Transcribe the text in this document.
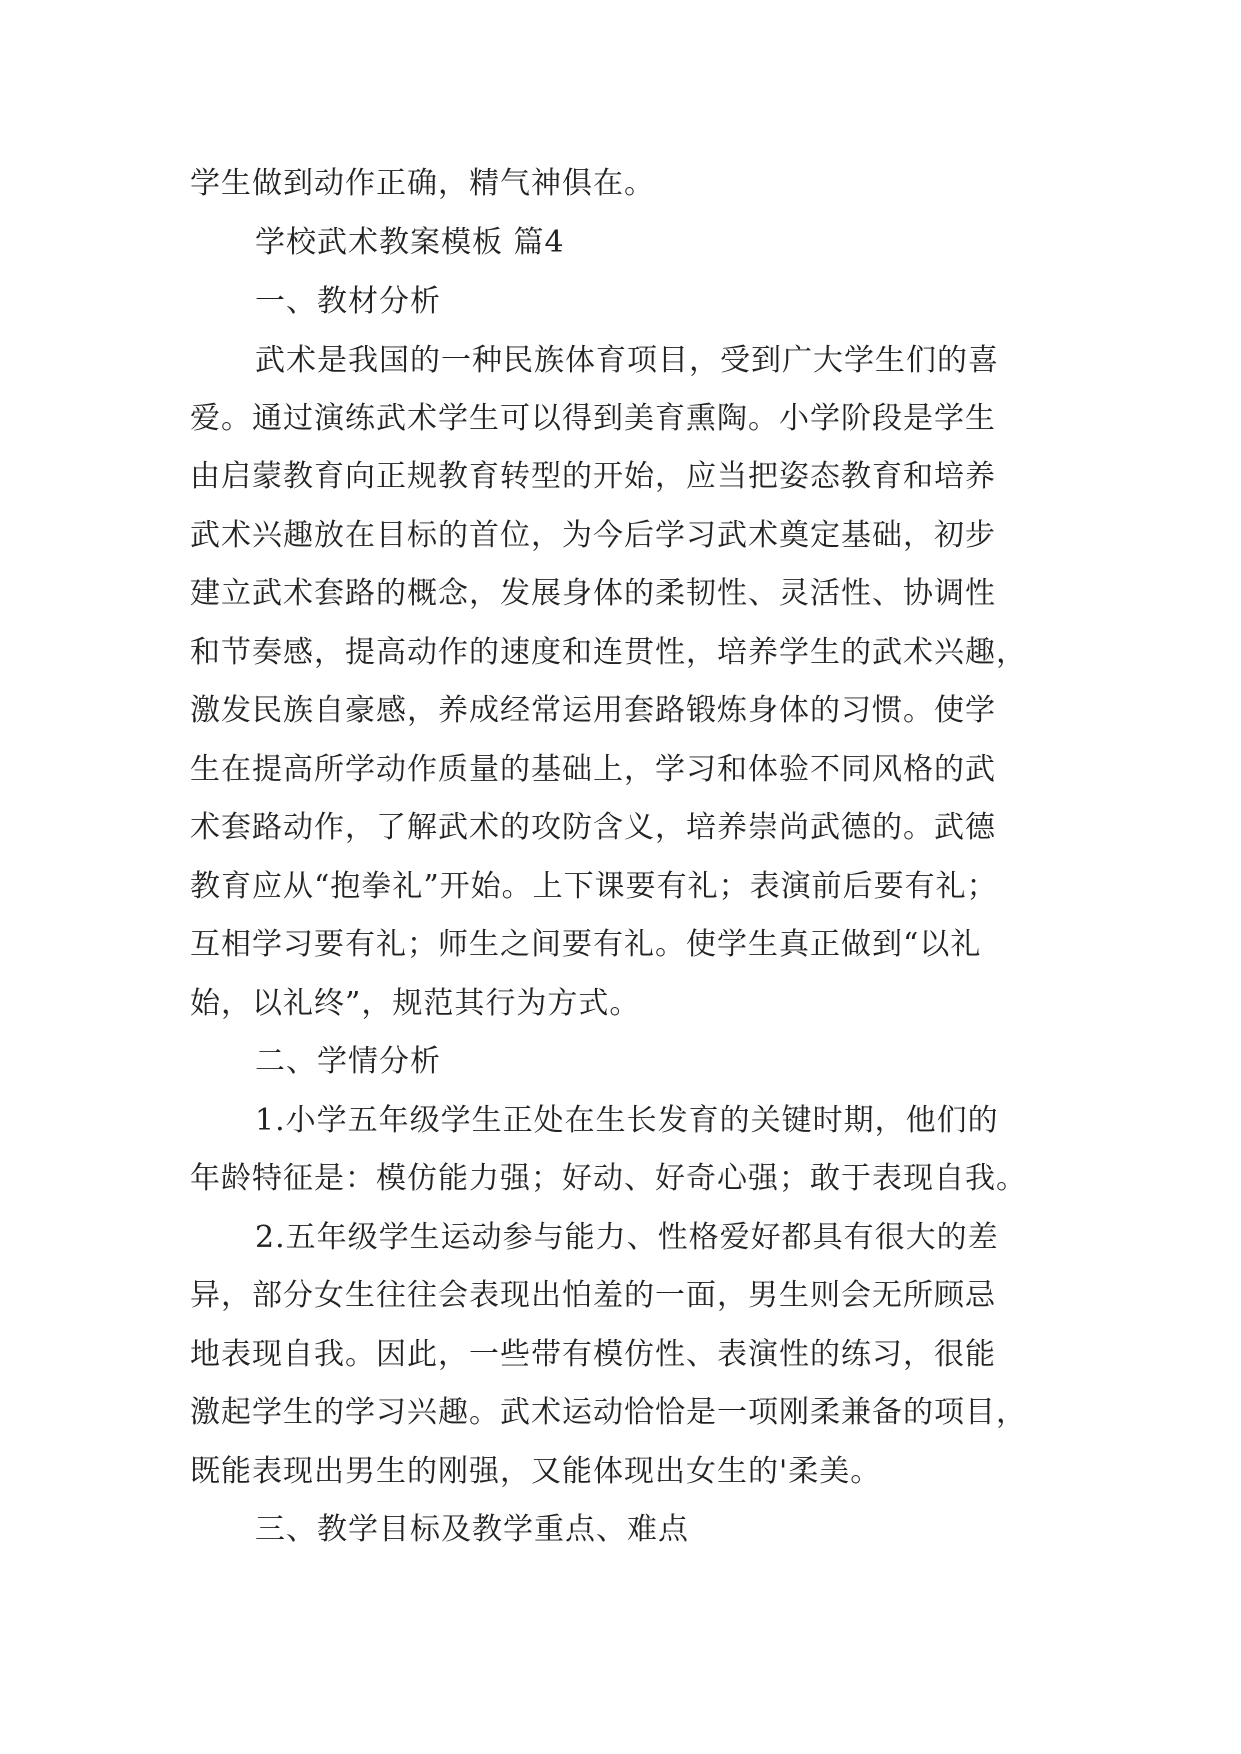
学生做到动作正确，精气神俱在。
学校武术教案模板 篇4
一、教材分析
武术是我国的一种民族体育项目，受到广大学生们的喜
爱。通过演练武术学生可以得到美育熏陶。小学阶段是学生
由启蒙教育向正规教育转型的开始，应当把姿态教育和培养
武术兴趣放在目标的首位，为今后学习武术奠定基础，初步
建立武术套路的概念，发展身体的柔韧性、灵活性、协调性
和节奏感，提高动作的速度和连贯性，培养学生的武术兴趣，
激发民族自豪感，养成经常运用套路锻炼身体的习惯。使学
生在提高所学动作质量的基础上，学习和体验不同风格的武
术套路动作，了解武术的攻防含义，培养崇尚武德的。武德
教育应从“抱拳礼”开始。上下课要有礼；表演前后要有礼；
互相学习要有礼；师生之间要有礼。使学生真正做到“以礼
始，以礼终”，规范其行为方式。
二、学情分析
1.小学五年级学生正处在生长发育的关键时期，他们的
年龄特征是：模仿能力强；好动、好奇心强；敢于表现自我。
2.五年级学生运动参与能力、性格爱好都具有很大的差
异，部分女生往往会表现出怕羞的一面，男生则会无所顾忌
地表现自我。因此，一些带有模仿性、表演性的练习，很能
激起学生的学习兴趣。武术运动恰恰是一项刚柔兼备的项目，
既能表现出男生的刚强，又能体现出女生的'柔美。
三、教学目标及教学重点、难点
